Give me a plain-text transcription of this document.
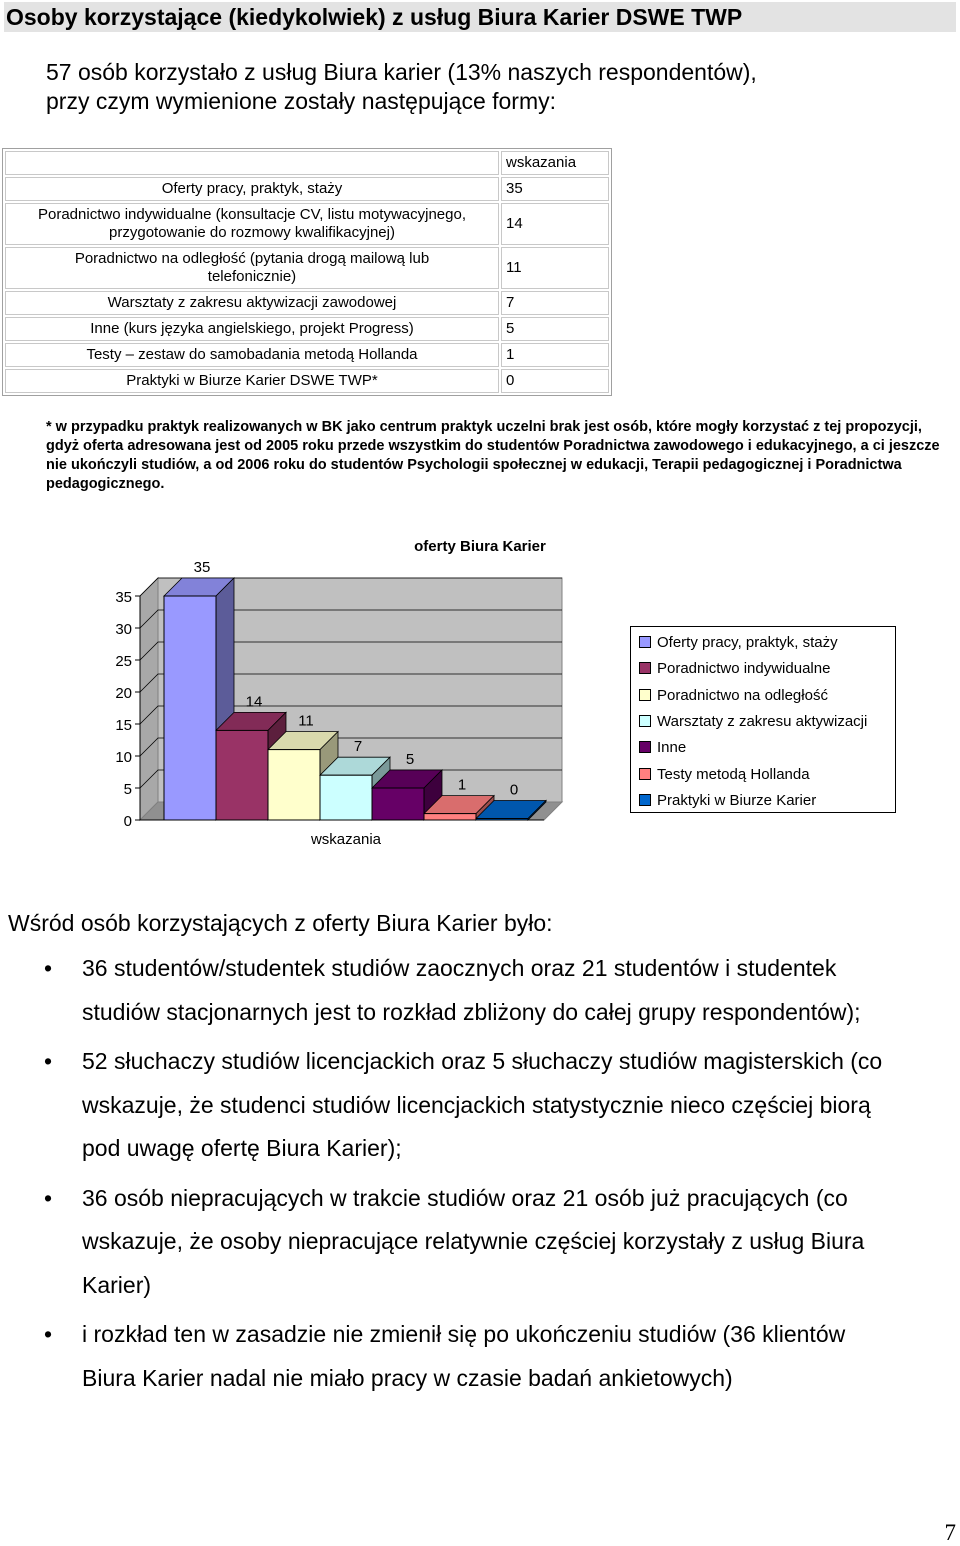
Osoby korzystające (kiedykolwiek) z usług Biura Karier DSWE TWP
57 osób korzystało z usług Biura karier (13% naszych respondentów),
przy czym wymienione zostały następujące formy:
	wskazania

Oferty pracy, praktyk, staży	35

Poradnictwo indywidualne (konsultacje CV, listu motywacyjnego,
przygotowanie do rozmowy kwalifikacyjnej)	14

Poradnictwo na odległość (pytania drogą mailową lub
telefonicznie)	11

Warsztaty z zakresu aktywizacji zawodowej	7

Inne (kurs języka angielskiego, projekt Progress)	5

Testy – zestaw do samobadania metodą Hollanda	1

Praktyki w Biurze Karier DSWE TWP*	0
* w przypadku praktyk realizowanych w BK jako centrum praktyk uczelni brak jest osób, które mogły korzystać z tej propozycji, gdyż oferta adresowana jest od 2005 roku przede wszystkim do studentów Poradnictwa zawodowego i edukacyjnego, a ci jeszcze nie ukończyli studiów, a od 2006 roku do studentów Psychologii społecznej w edukacji, Terapii pedagogicznej i Poradnictwa pedagogicznego.
0
5
10
15
20
25
30
35
35
14
11
7
5
1	0
oferty Biura Karier
wskazania
Oferty pracy, praktyk, staży
Poradnictwo indywidualne
Poradnictwo na odległość
Warsztaty z zakresu aktywizacji
Inne
Testy metodą Hollanda
Praktyki w Biurze Karier
Wśród osób korzystających z oferty Biura Karier było:
• 36 studentów/studentek studiów zaocznych oraz 21 studentów i studentek
studiów stacjonarnych jest to rozkład zbliżony do całej grupy respondentów);
• 52 słuchaczy studiów licencjackich oraz 5 słuchaczy studiów magisterskich (co
wskazuje, że studenci studiów licencjackich statystycznie nieco częściej biorą
pod uwagę ofertę Biura Karier);
• 36 osób niepracujących w trakcie studiów oraz 21 osób już pracujących (co
wskazuje, że osoby niepracujące relatywnie częściej korzystały z usług Biura
Karier)
• i rozkład ten w zasadzie nie zmienił się po ukończeniu studiów (36 klientów
Biura Karier nadal nie miało pracy w czasie badań ankietowych)
7
